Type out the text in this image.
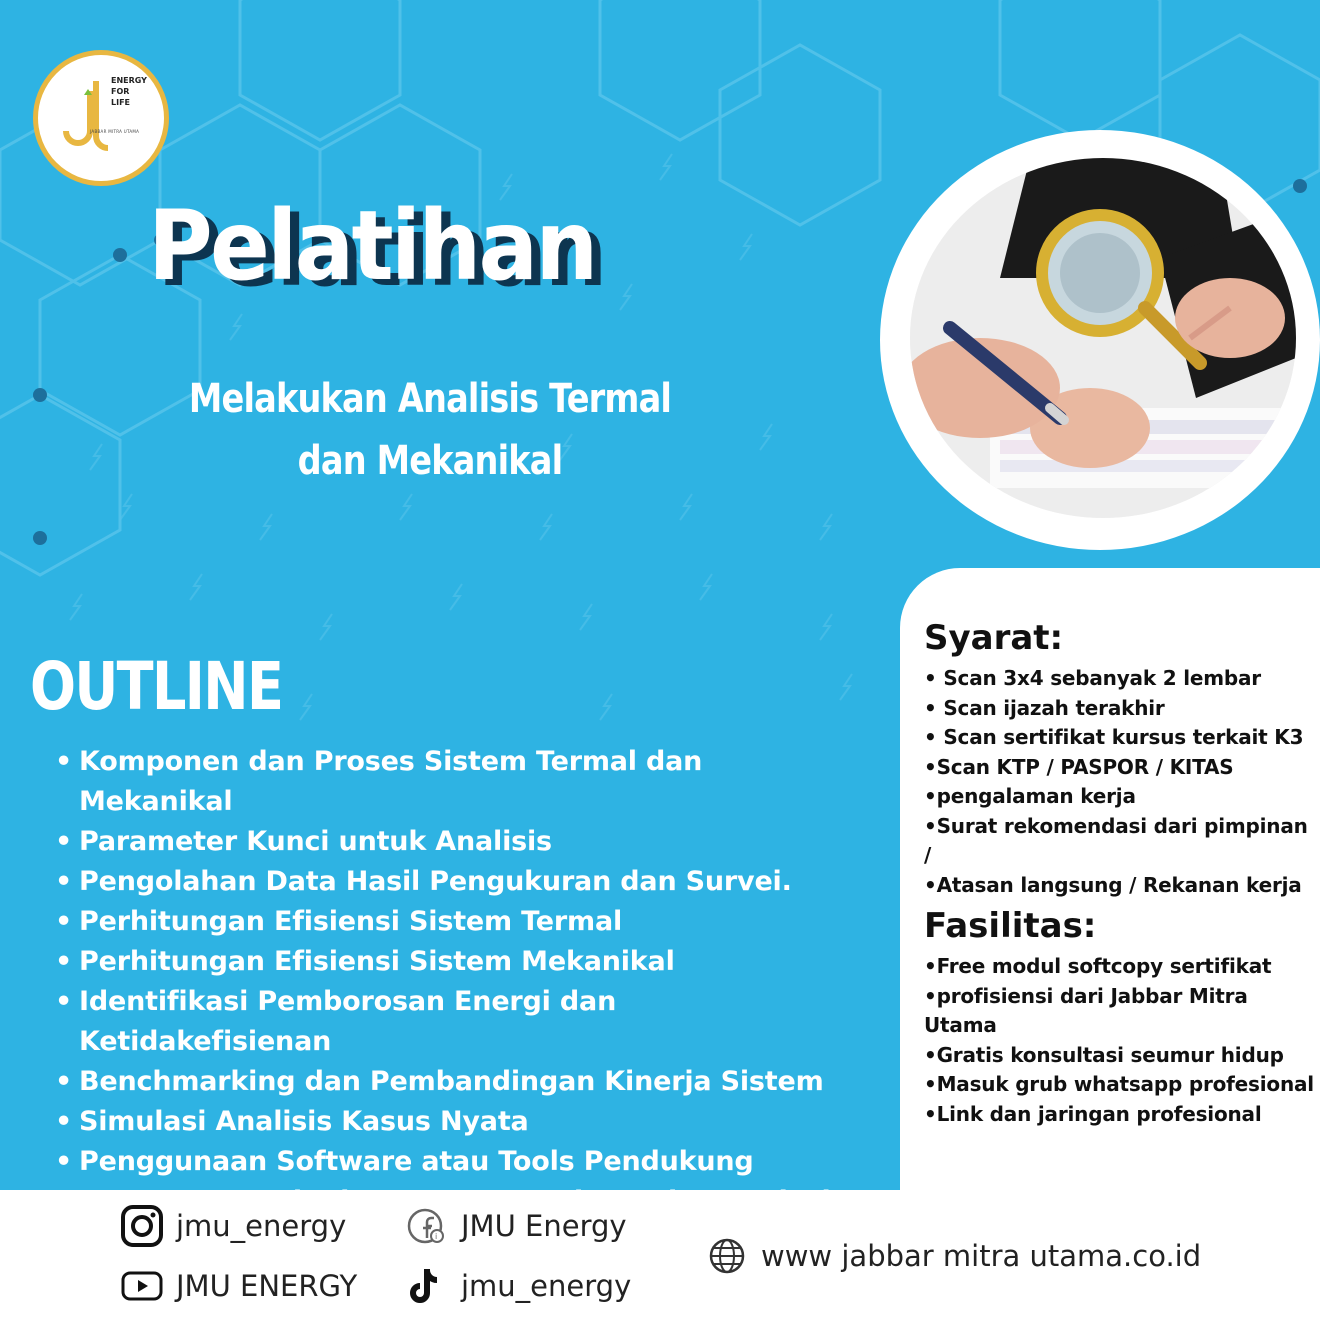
ENERGY
FOR
LIFE
JABBAR MITRA UTAMA
Pelatihan
Melakukan Analisis Termal dan Mekanikal
OUTLINE
• Komponen dan Proses Sistem Termal dan Mekanikal
• Parameter Kunci untuk Analisis
• Pengolahan Data Hasil Pengukuran dan Survei.
• Perhitungan Efisiensi Sistem Termal
• Perhitungan Efisiensi Sistem Mekanikal
• Identifikasi Pemborosan Energi dan Ketidakefisienan
• Benchmarking dan Pembandingan Kinerja Sistem
• Simulasi Analisis Kasus Nyata
• Penggunaan Software atau Tools Pendukung
•
Syarat:
• Scan 3x4 sebanyak 2 lembar
• Scan ijazah terakhir
• Scan sertifikat kursus terkait K3
•Scan KTP / PASPOR / KITAS
•pengalaman kerja
•Surat rekomendasi dari pimpinan /
•Atasan langsung / Rekanan kerja
Fasilitas:
•Free modul softcopy sertifikat
•profisiensi dari Jabbar Mitra Utama
•Gratis konsultasi seumur hidup
•Masuk grub whatsapp profesional
•Link dan jaringan profesional
jmu_energy
JMU ENERGY
i JMU Energy
jmu_energy
www jabbar mitra utama.co.id
